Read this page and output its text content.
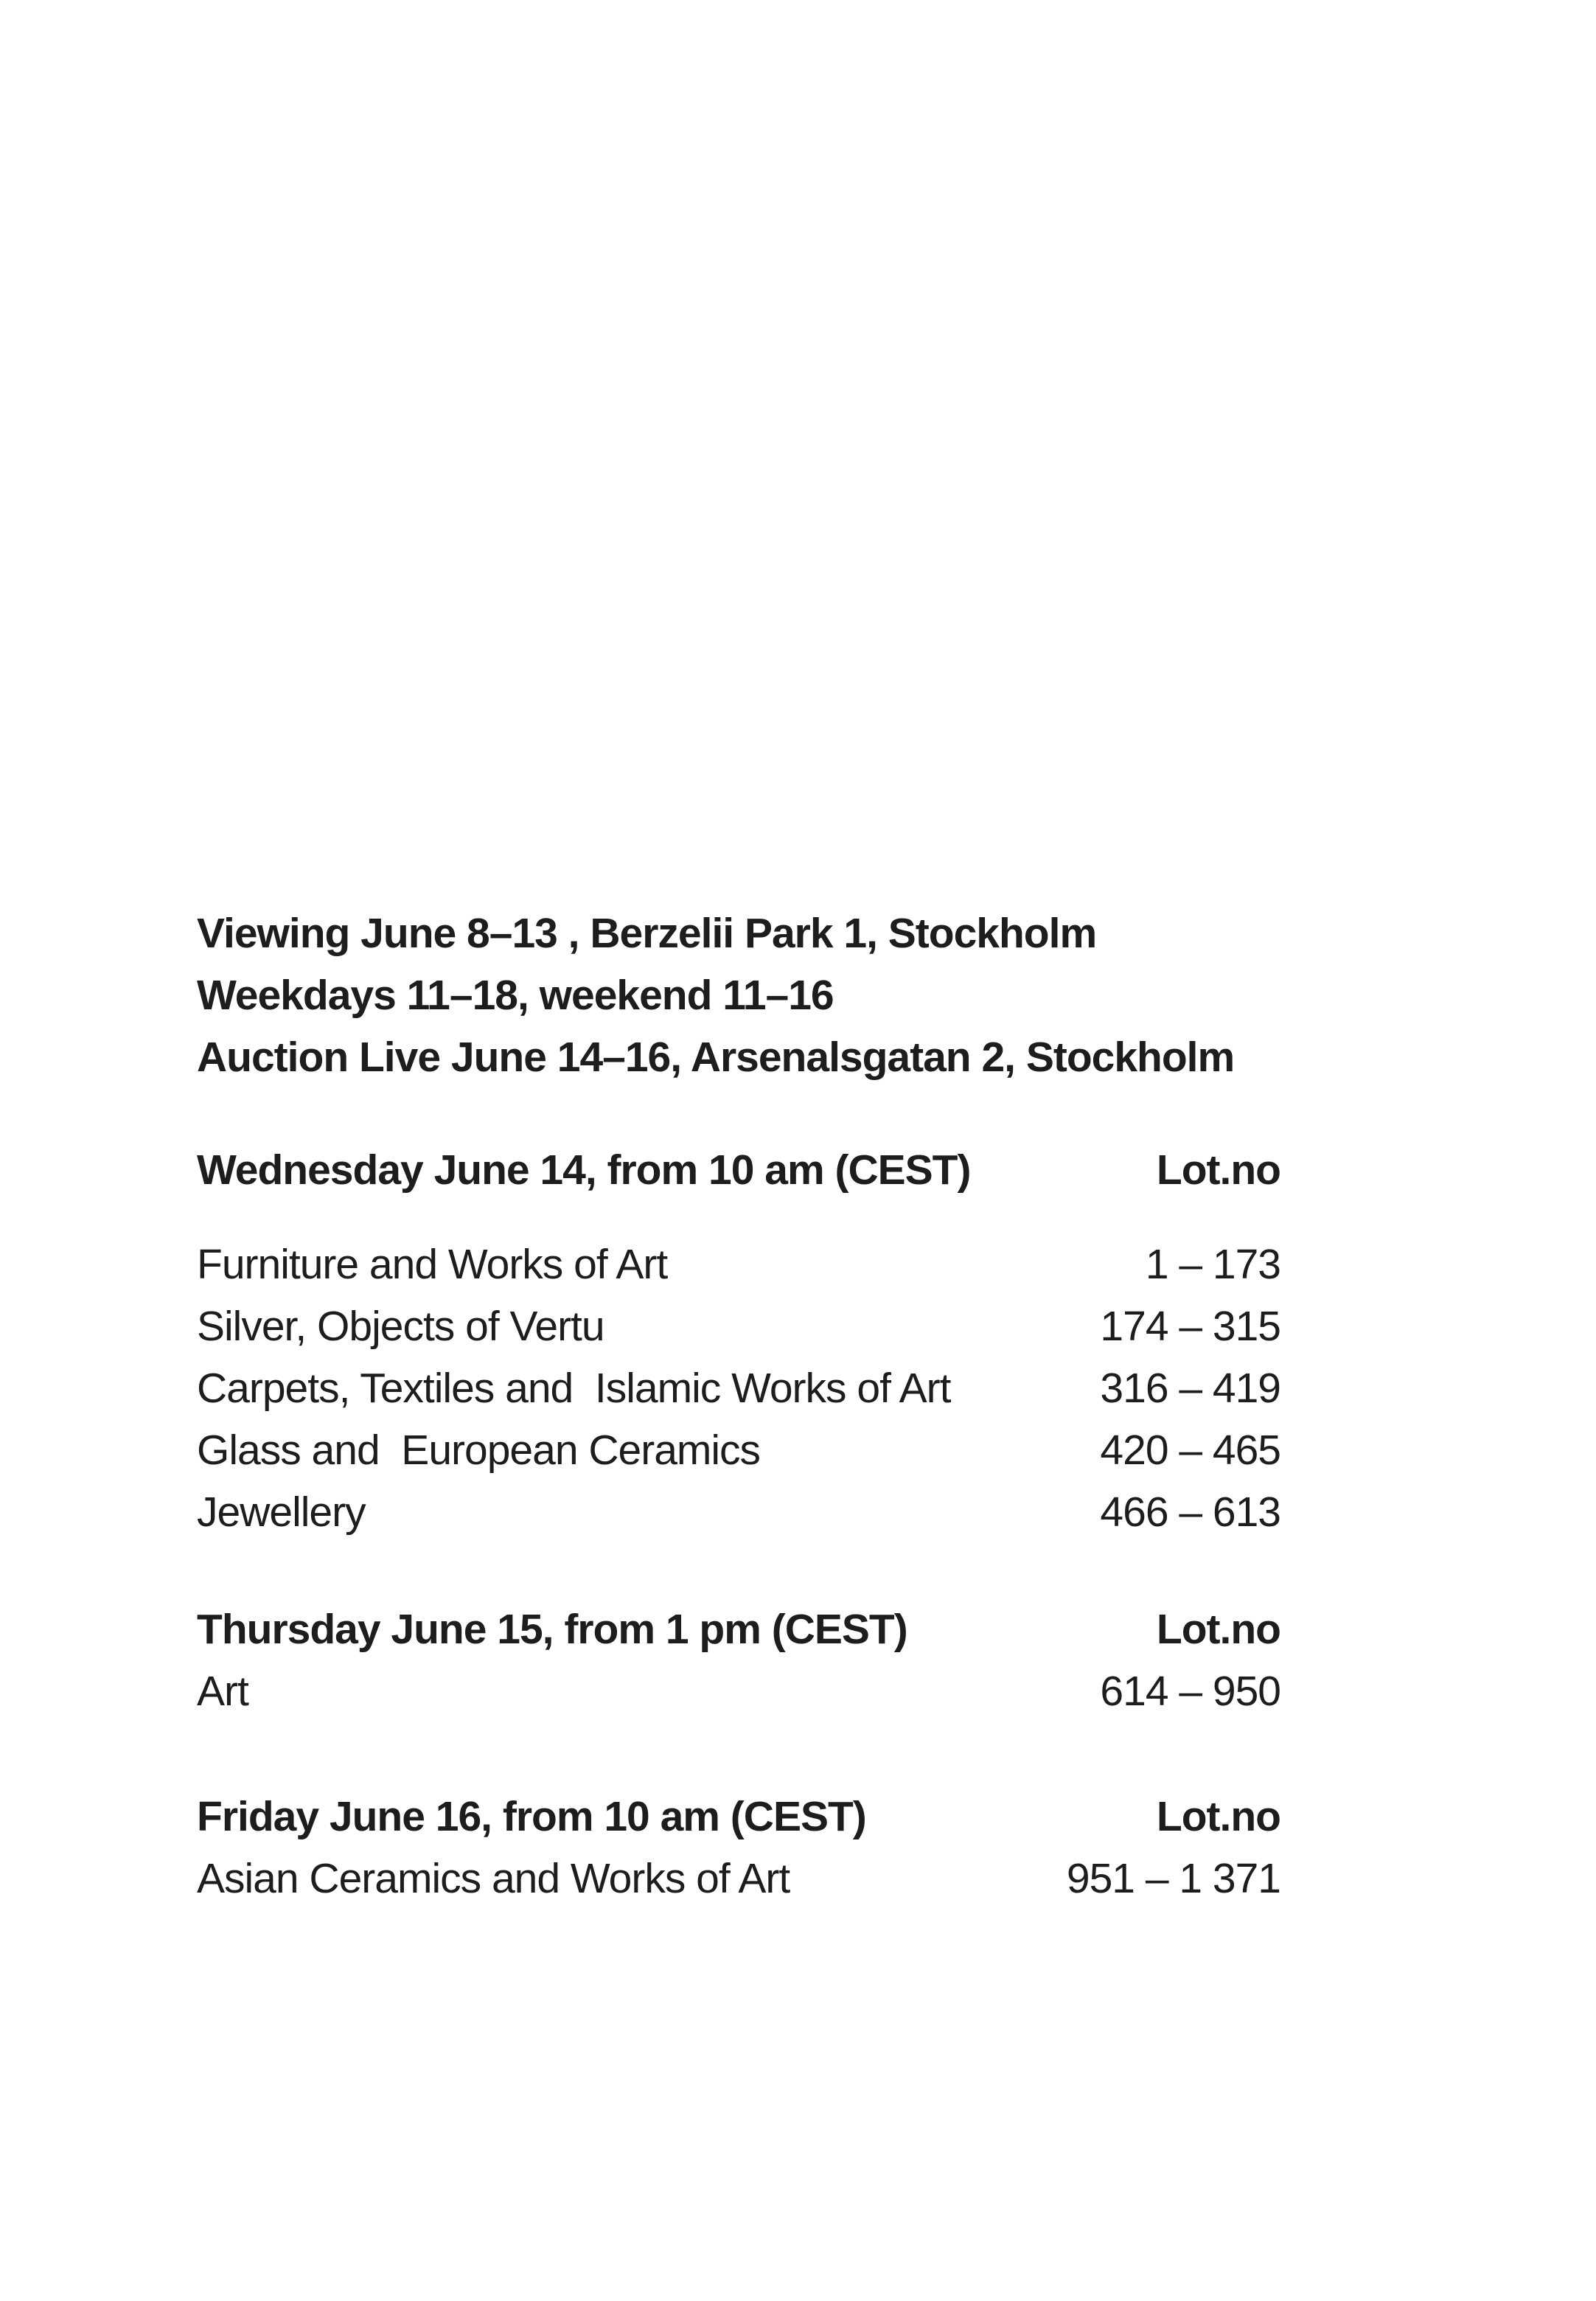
Viewing June 8–13 , Berzelii Park 1, Stockholm

Weekdays 11–18, weekend 11–16

Auction Live June 14–16, Arsenalsgatan 2, Stockholm

Wednesday June 14, from 10 am (CEST)	Lot.no
Furniture and Works of Art	1 – 173
Silver, Objects of Vertu	174 – 315
Carpets, Textiles and  Islamic Works of Art	316 – 419
Glass and  European Ceramics	420 – 465
Jewellery	466 – 613
Thursday June 15, from 1 pm (CEST)	Lot.no
Art	614 – 950
Friday June 16, from 10 am (CEST)	Lot.no
Asian Ceramics and Works of Art	951 – 1 371
